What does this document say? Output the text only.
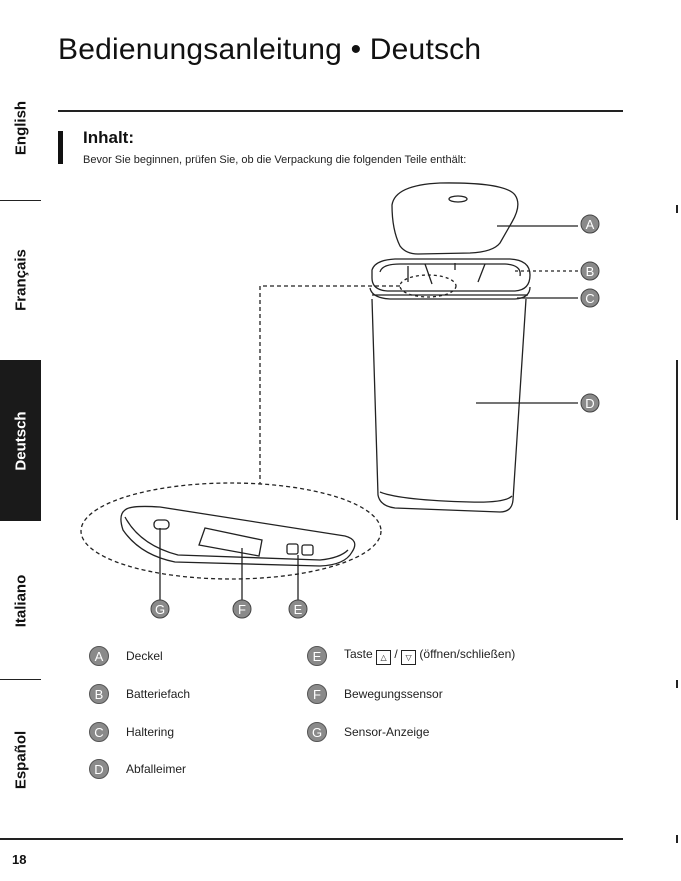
English
Français
Deutsch
Italiano
Español
Bedienungsanleitung • Deutsch
Inhalt:
Bevor Sie beginnen, prüfen Sie, ob die Verpackung die folgenden Teile enthält:
A
B
C
D
E
F
G
A	Deckel
B	Batteriefach
C	Haltering
D	Abfalleimer
E	Taste △ / ▽ (öffnen/schließen)
F	Bewegungssensor
G	Sensor-Anzeige
18
